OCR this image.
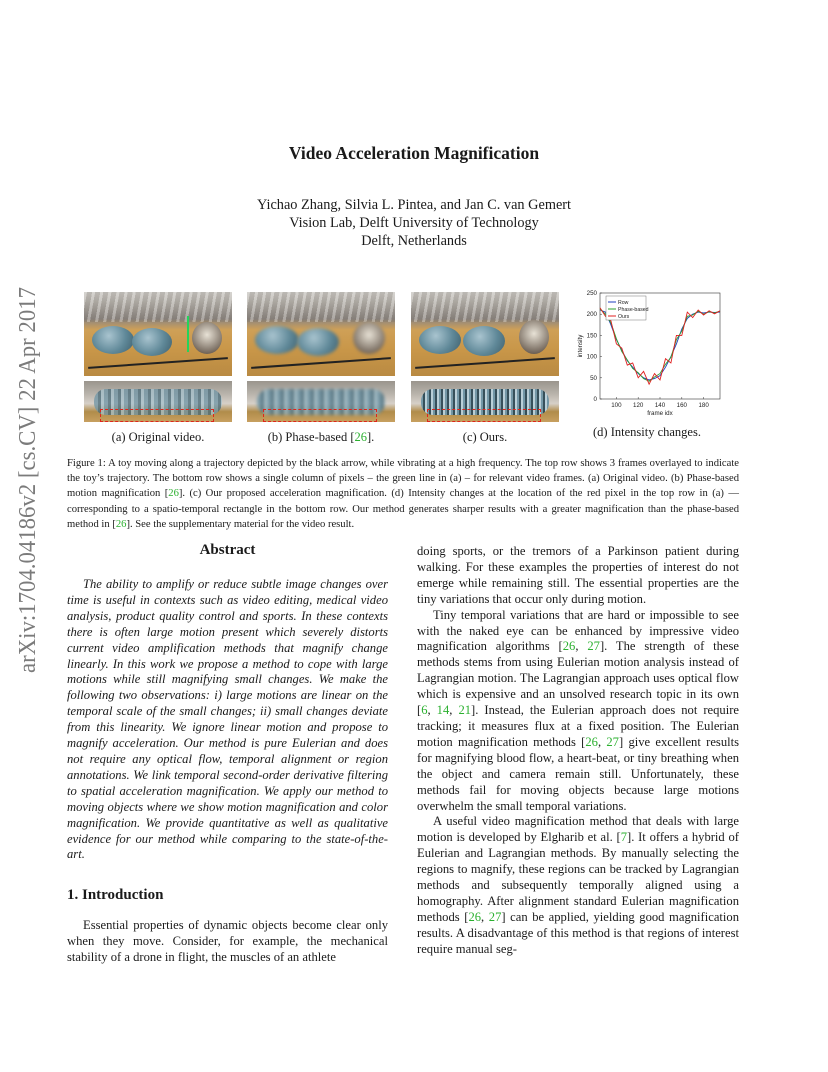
arXiv:1704.04186v2 [cs.CV] 22 Apr 2017
Video Acceleration Magnification
Yichao Zhang, Silvia L. Pintea, and Jan C. van Gemert
Vision Lab, Delft University of Technology
Delft, Netherlands
(a) Original video.	(b) Phase-based [26].	(c) Ours.
0
50
100
150
200
250
100 120 140 160 180
frame idx
intensity
Row
Phase-based
Ours
(d) Intensity changes.
Figure 1: A toy moving along a trajectory depicted by the black arrow, while vibrating at a high frequency. The top row shows 3 frames overlayed to indicate the toy’s trajectory. The bottom row shows a single column of pixels – the green line in (a) – for relevant video frames. (a) Original video. (b) Phase-based motion magnification [26]. (c) Our proposed acceleration magnification. (d) Intensity changes at the location of the red pixel in the top row in (a) — corresponding to a spatio-temporal rectangle in the bottom row. Our method generates sharper results with a greater magnification than the phase-based method in [26]. See the supplementary material for the video result.
Abstract

The ability to amplify or reduce subtle image changes over time is useful in contexts such as video editing, medical video analysis, product quality control and sports. In these contexts there is often large motion present which severely distorts current video amplification methods that magnify change linearly. In this work we propose a method to cope with large motions while still magnifying small changes. We make the following two observations: i) large motions are linear on the temporal scale of the small changes; ii) small changes deviate from this linearity. We ignore linear motion and propose to magnify acceleration. Our method is pure Eulerian and does not require any optical flow, temporal alignment or region annotations. We link temporal second-order derivative filtering to spatial acceleration magnification. We apply our method to moving objects where we show motion magnification and color magnification. We provide quantitative as well as qualitative evidence for our method while comparing to the state-of-the-art.

1. Introduction

Essential properties of dynamic objects become clear only when they move. Consider, for example, the mechanical stability of a drone in flight, the muscles of an athlete

doing sports, or the tremors of a Parkinson patient during walking. For these examples the properties of interest do not emerge while remaining still. The essential properties are the tiny variations that occur only during motion.

Tiny temporal variations that are hard or impossible to see with the naked eye can be enhanced by impressive video magnification algorithms [26, 27]. The strength of these methods stems from using Eulerian motion analysis instead of Lagrangian motion. The Lagrangian approach uses optical flow which is expensive and an unsolved research topic in its own [6, 14, 21]. Instead, the Eulerian approach does not require tracking; it measures flux at a fixed position. The Eulerian motion magnification methods [26, 27] give excellent results for magnifying blood flow, a heart-beat, or tiny breathing when the object and camera remain still. Unfortunately, these methods fail for moving objects because large motions overwhelm the small temporal variations.

A useful video magnification method that deals with large motion is developed by Elgharib et al. [7]. It offers a hybrid of Eulerian and Lagrangian methods. By manually selecting the regions to magnify, these regions can be tracked by Lagrangian methods and subsequently temporally aligned using a homography. After alignment standard Eulerian magnification methods [26, 27] can be applied, yielding good magnification results. A disadvantage of this method is that regions of interest require manual seg-
